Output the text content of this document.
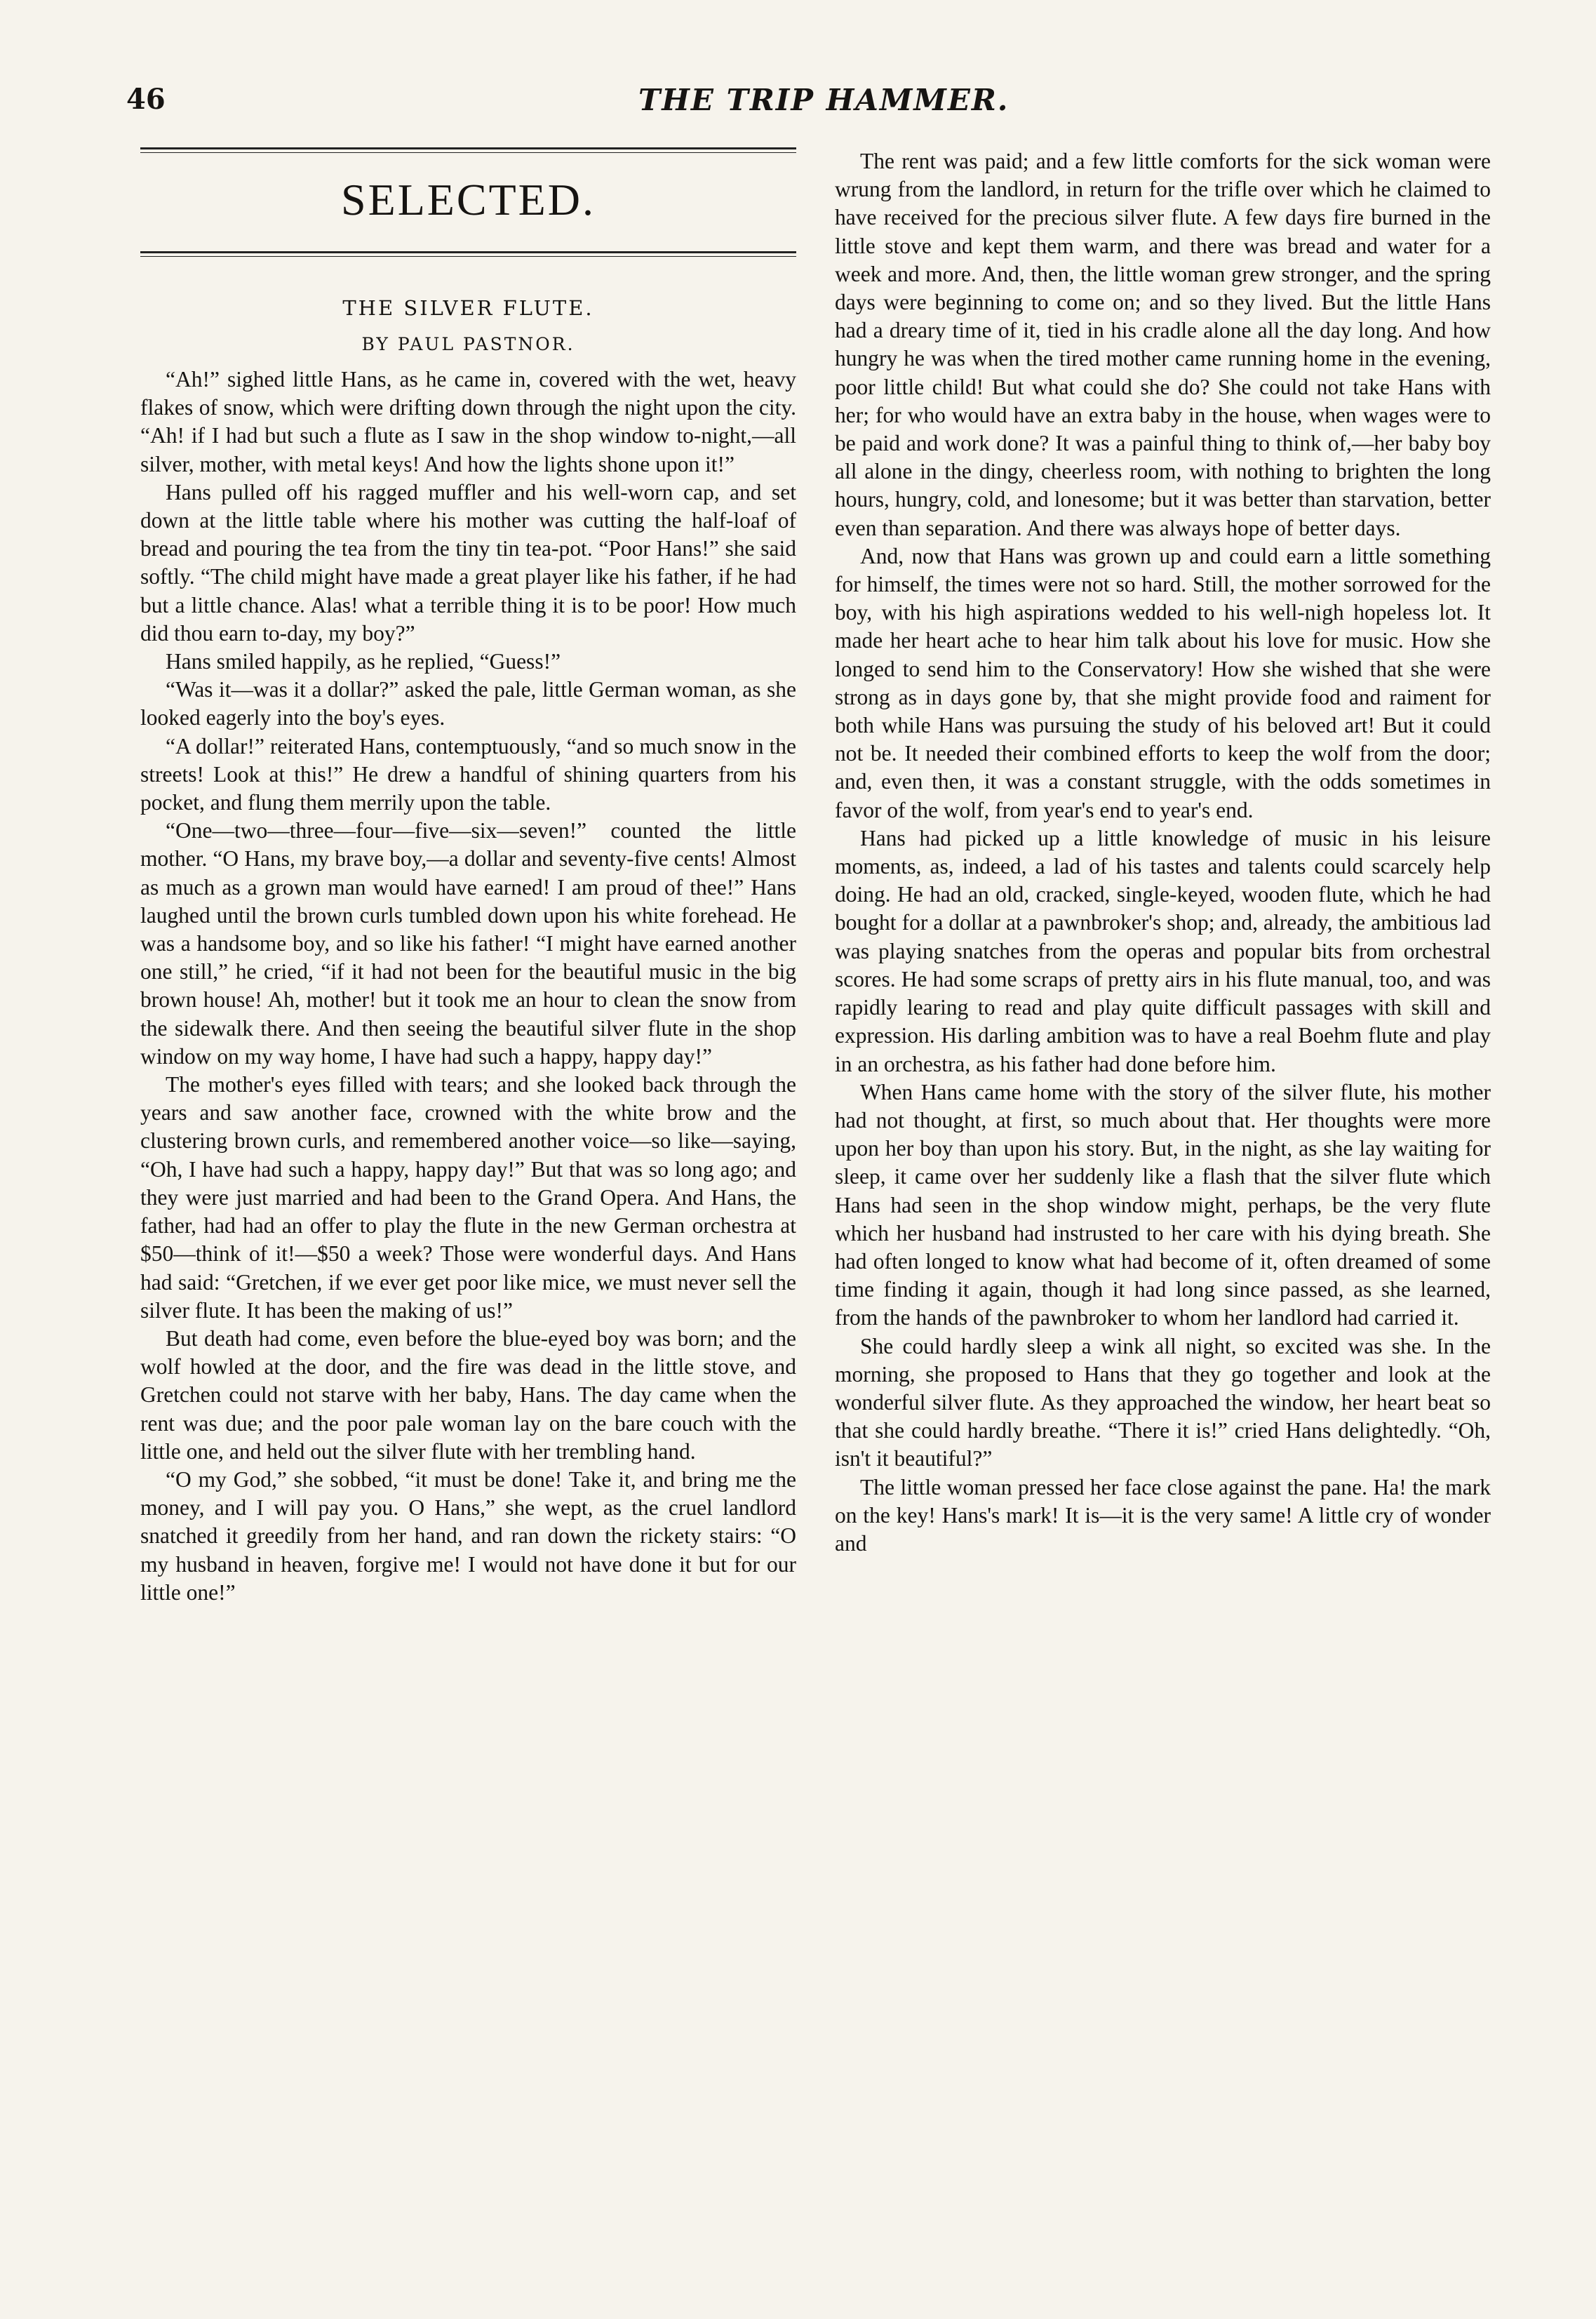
46	THE TRIP HAMMER.
SELECTED.
THE SILVER FLUTE.
BY PAUL PASTNOR.

“Ah!” sighed little Hans, as he came in, covered with the wet, heavy flakes of snow, which were drifting down through the night upon the city. “Ah! if I had but such a flute as I saw in the shop window to-night,—all silver, mother, with metal keys! And how the lights shone upon it!”

Hans pulled off his ragged muffler and his well-worn cap, and set down at the little table where his mother was cutting the half-loaf of bread and pouring the tea from the tiny tin tea-pot. “Poor Hans!” she said softly. “The child might have made a great player like his father, if he had but a little chance. Alas! what a terrible thing it is to be poor! How much did thou earn to-day, my boy?”

Hans smiled happily, as he replied, “Guess!”

“Was it—was it a dollar?” asked the pale, little German woman, as she looked eagerly into the boy's eyes.

“A dollar!” reiterated Hans, contemptuously, “and so much snow in the streets! Look at this!” He drew a handful of shining quarters from his pocket, and flung them merrily upon the table.

“One—two—three—four—five—six—seven!” counted the little mother. “O Hans, my brave boy,—a dollar and seventy-five cents! Almost as much as a grown man would have earned! I am proud of thee!” Hans laughed until the brown curls tumbled down upon his white forehead. He was a handsome boy, and so like his father! “I might have earned another one still,” he cried, “if it had not been for the beautiful music in the big brown house! Ah, mother! but it took me an hour to clean the snow from the sidewalk there. And then seeing the beautiful silver flute in the shop window on my way home, I have had such a happy, happy day!”

The mother's eyes filled with tears; and she looked back through the years and saw another face, crowned with the white brow and the clustering brown curls, and remembered another voice—so like—saying, “Oh, I have had such a happy, happy day!” But that was so long ago; and they were just married and had been to the Grand Opera. And Hans, the father, had had an offer to play the flute in the new German orchestra at $50—think of it!—$50 a week? Those were wonderful days. And Hans had said: “Gretchen, if we ever get poor like mice, we must never sell the silver flute. It has been the making of us!”

But death had come, even before the blue-eyed boy was born; and the wolf howled at the door, and the fire was dead in the little stove, and Gretchen could not starve with her baby, Hans. The day came when the rent was due; and the poor pale woman lay on the bare couch with the little one, and held out the silver flute with her trembling hand.

“O my God,” she sobbed, “it must be done! Take it, and bring me the money, and I will pay you. O Hans,” she wept, as the cruel landlord snatched it greedily from her hand, and ran down the rickety stairs: “O my husband in heaven, forgive me! I would not have done it but for our little one!”

The rent was paid; and a few little comforts for the sick woman were wrung from the landlord, in return for the trifle over which he claimed to have received for the precious silver flute. A few days fire burned in the little stove and kept them warm, and there was bread and water for a week and more. And, then, the little woman grew stronger, and the spring days were beginning to come on; and so they lived. But the little Hans had a dreary time of it, tied in his cradle alone all the day long. And how hungry he was when the tired mother came running home in the evening, poor little child! But what could she do? She could not take Hans with her; for who would have an extra baby in the house, when wages were to be paid and work done? It was a painful thing to think of,—her baby boy all alone in the dingy, cheerless room, with nothing to brighten the long hours, hungry, cold, and lonesome; but it was better than starvation, better even than separation. And there was always hope of better days.

And, now that Hans was grown up and could earn a little something for himself, the times were not so hard. Still, the mother sorrowed for the boy, with his high aspirations wedded to his well-nigh hopeless lot. It made her heart ache to hear him talk about his love for music. How she longed to send him to the Conservatory! How she wished that she were strong as in days gone by, that she might provide food and raiment for both while Hans was pursuing the study of his beloved art! But it could not be. It needed their combined efforts to keep the wolf from the door; and, even then, it was a constant struggle, with the odds sometimes in favor of the wolf, from year's end to year's end.

Hans had picked up a little knowledge of music in his leisure moments, as, indeed, a lad of his tastes and talents could scarcely help doing. He had an old, cracked, single-keyed, wooden flute, which he had bought for a dollar at a pawnbroker's shop; and, already, the ambitious lad was playing snatches from the operas and popular bits from orchestral scores. He had some scraps of pretty airs in his flute manual, too, and was rapidly learing to read and play quite difficult passages with skill and expression. His darling ambition was to have a real Boehm flute and play in an orchestra, as his father had done before him.

When Hans came home with the story of the silver flute, his mother had not thought, at first, so much about that. Her thoughts were more upon her boy than upon his story. But, in the night, as she lay waiting for sleep, it came over her suddenly like a flash that the silver flute which Hans had seen in the shop window might, perhaps, be the very flute which her husband had instrusted to her care with his dying breath. She had often longed to know what had become of it, often dreamed of some time finding it again, though it had long since passed, as she learned, from the hands of the pawnbroker to whom her landlord had carried it.

She could hardly sleep a wink all night, so excited was she. In the morning, she proposed to Hans that they go together and look at the wonderful silver flute. As they approached the window, her heart beat so that she could hardly breathe. “There it is!” cried Hans delightedly. “Oh, isn't it beautiful?”

The little woman pressed her face close against the pane. Ha! the mark on the key! Hans's mark! It is—it is the very same! A little cry of wonder and
